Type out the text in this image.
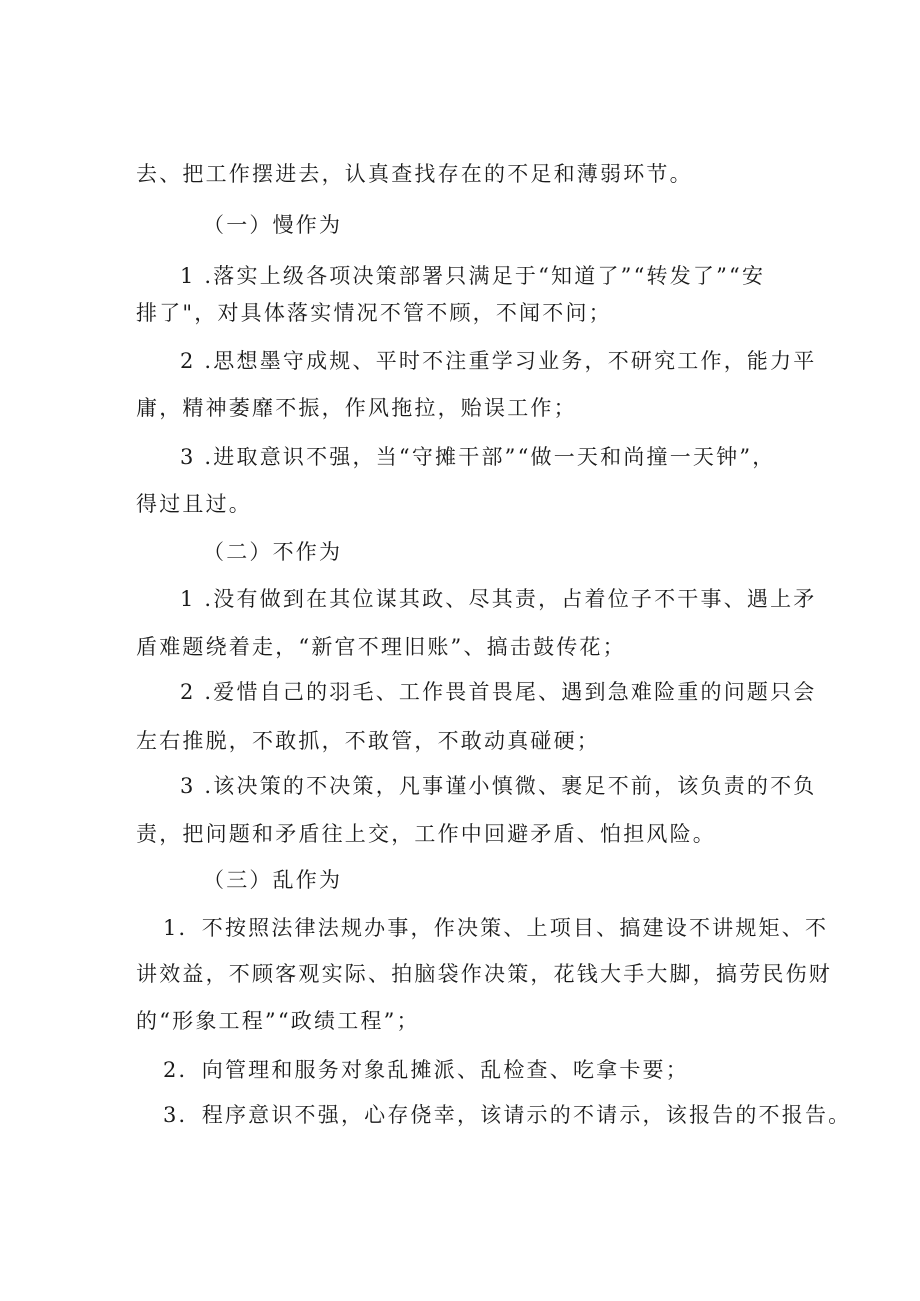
去、把工作摆进去，认真查找存在的不足和薄弱环节。
（一）慢作为
1 .落实上级各项决策部署只满足于“知道了”“转发了”“安
排了"，对具体落实情况不管不顾，不闻不问；
2 .思想墨守成规、平时不注重学习业务，不研究工作，能力平
庸，精神萎靡不振，作风拖拉，贻误工作；
3 .进取意识不强，当“守摊干部”“做一天和尚撞一天钟”，
得过且过。
（二）不作为
1 .没有做到在其位谋其政、尽其责，占着位子不干事、遇上矛
盾难题绕着走，“新官不理旧账”、搞击鼓传花；
2 .爱惜自己的羽毛、工作畏首畏尾、遇到急难险重的问题只会
左右推脱，不敢抓，不敢管，不敢动真碰硬；
3 .该决策的不决策，凡事谨小慎微、裹足不前，该负责的不负
责，把问题和矛盾往上交，工作中回避矛盾、怕担风险。
（三）乱作为
1．不按照法律法规办事，作决策、上项目、搞建设不讲规矩、不
讲效益，不顾客观实际、拍脑袋作决策，花钱大手大脚，搞劳民伤财
的“形象工程”“政绩工程”；
2．向管理和服务对象乱摊派、乱检查、吃拿卡要；
3．程序意识不强，心存侥幸，该请示的不请示，该报告的不报告。
